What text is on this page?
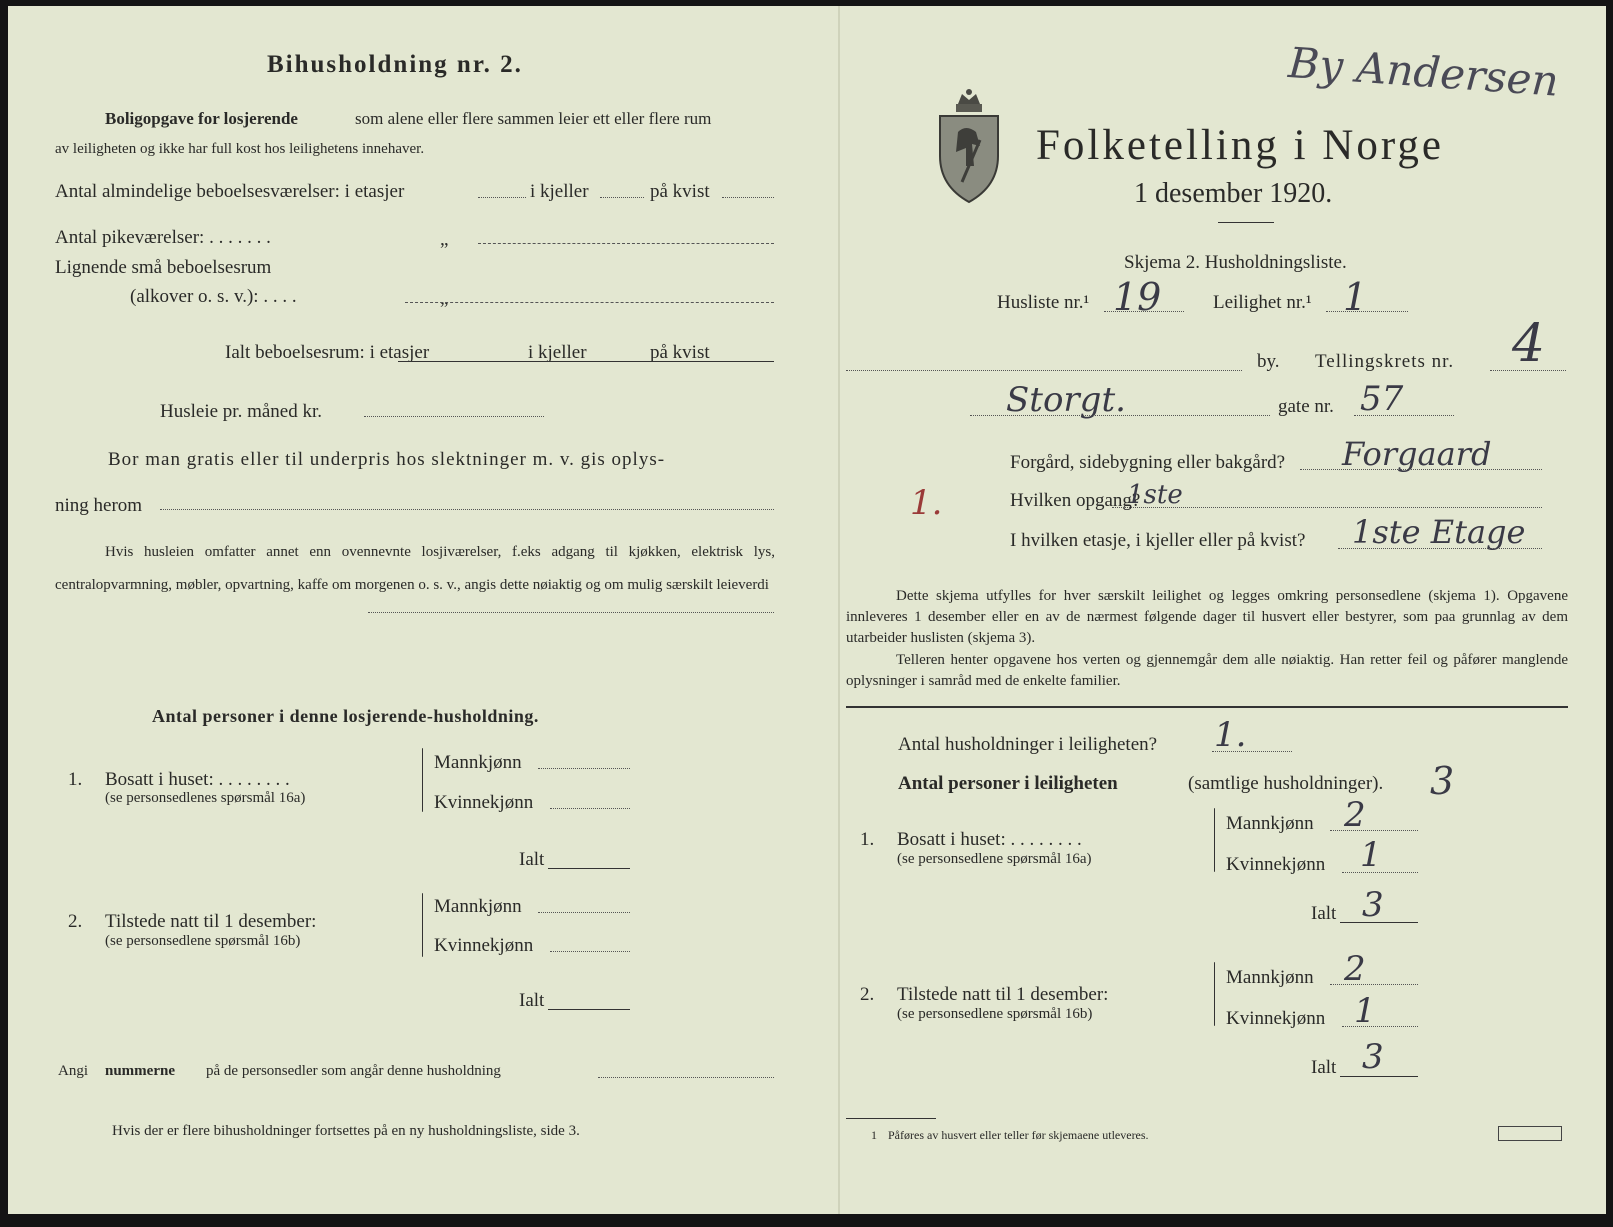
Bihusholdning nr. 2.
Boligopgave for losjerende	som alene eller flere sammen leier ett eller flere rum
av leiligheten og ikke har full kost hos leilighetens innehaver.
Antal almindelige beboelsesværelser: i etasjer	i kjeller	på kvist
Antal pikeværelser: . . . . . . .	„
Lignende små beboelsesrum
(alkover o. s. v.): . . . .	„
Ialt beboelsesrum: i etasjer	i kjeller	på kvist
Husleie pr. måned kr.
Bor man gratis eller til underpris hos slektninger m. v. gis oplys-
ning herom
Hvis husleien omfatter annet enn ovennevnte losjiværelser, f.eks adgang til kjøkken, elektrisk lys, centralopvarmning, møbler, opvartning, kaffe om morgenen o. s. v., angis dette nøiaktig og om mulig særskilt leieverdi
Antal personer i denne losjerende-husholdning.
1. Bosatt i huset: . . . . . . . .
(se personsedlenes spørsmål 16a)
Mannkjønn
Kvinnekjønn
Ialt
2. Tilstede natt til 1 desember:
(se personsedlene spørsmål 16b)
Mannkjønn
Kvinnekjønn
Ialt
Angi nummerne på de personsedler som angår denne husholdning
Hvis der er flere bihusholdninger fortsettes på en ny husholdningsliste, side 3.
Folketelling i Norge
1 desember 1920.
Skjema 2. Husholdningsliste.
Husliste nr.¹ 19	Leilighet nr.¹ 1
by. Tellingskrets nr. 4
Storgt.	gate nr. 57
Forgård, sidebygning eller bakgård? Forgaard
1.	Hvilken opgang?
1ste
I hvilken etasje, i kjeller eller på kvist? 1ste Etage
Dette skjema utfylles for hver særskilt leilighet og legges omkring personsedlene (skjema 1). Opgavene innleveres 1 desember eller en av de nærmest følgende dager til husvert eller bestyrer, som paa grunnlag av dem utarbeider huslisten (skjema 3).
Telleren henter opgavene hos verten og gjennemgår dem alle nøiaktig. Han retter feil og påfører manglende oplysninger i samråd med de enkelte familier.
Antal husholdninger i leiligheten? 1.
Antal personer i leiligheten	(samtlige husholdninger). 3
1. Bosatt i huset: . . . . . . . .
(se personsedlene spørsmål 16a)
Mannkjønn 2
Kvinnekjønn 1
Ialt 3
2. Tilstede natt til 1 desember:
(se personsedlene spørsmål 16b)
Mannkjønn 2
Kvinnekjønn 1
Ialt 3
1 Påføres av husvert eller teller før skjemaene utleveres.
By Andersen
